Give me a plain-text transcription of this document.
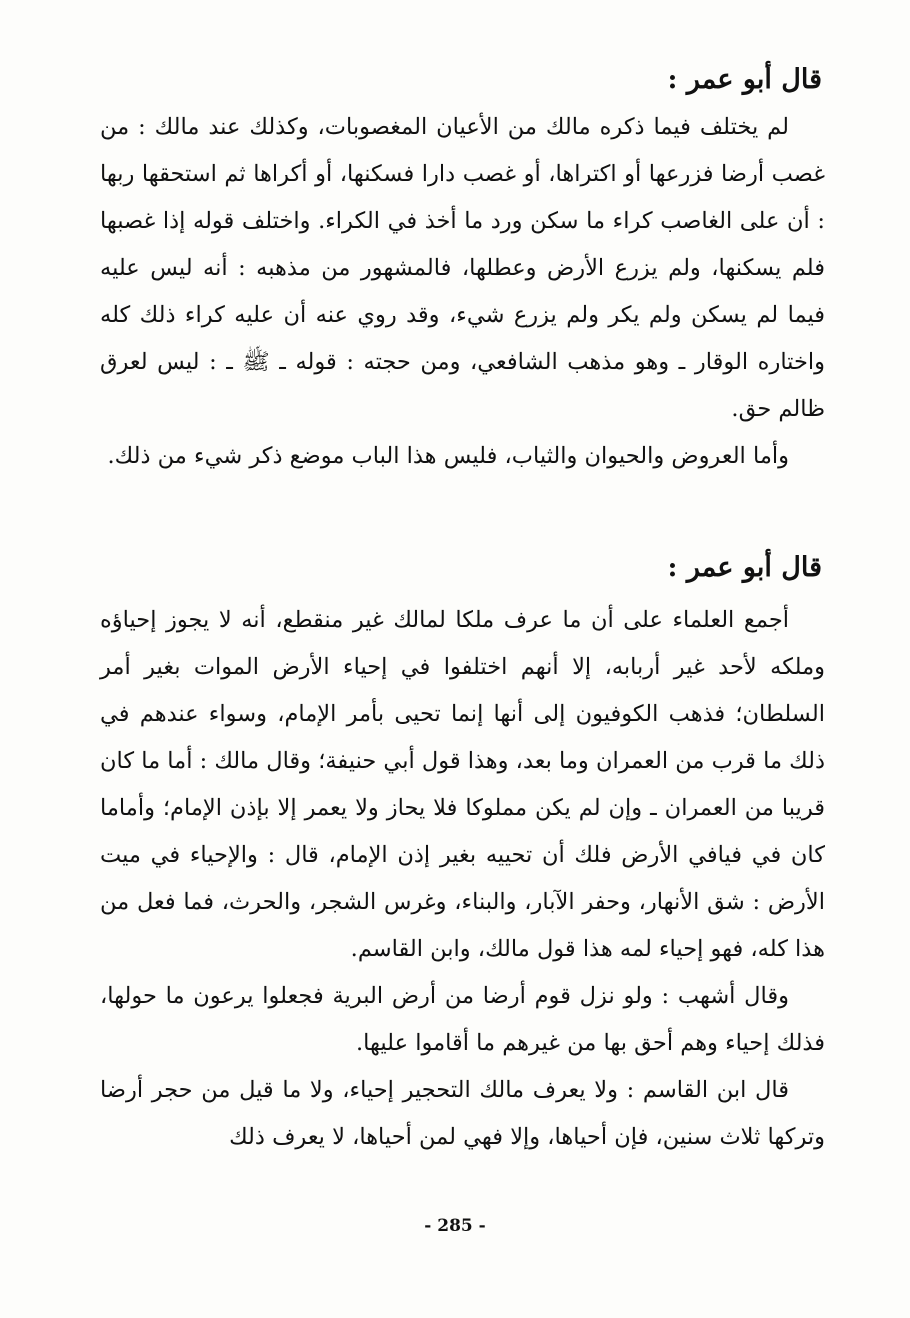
قال أبو عمر :

لم يختلف فيما ذكره مالك من الأعيان المغصوبات، وكذلك عند مالك : من غصب أرضا فزرعها أو اكتراها، أو غصب دارا فسكنها، أو أكراها ثم استحقها ربها : أن على الغاصب كراء ما سكن ورد ما أخذ في الكراء. واختلف قوله إذا غصبها فلم يسكنها، ولم يزرع الأرض وعطلها، فالمشهور من مذهبه : أنه ليس عليه فيما لم يسكن ولم يكر ولم يزرع شيء، وقد روي عنه أن عليه كراء ذلك كله واختاره الوقار ـ وهو مذهب الشافعي، ومن حجته : قوله ـ ﷺ ـ : ليس لعرق ظالم حق.

وأما العروض والحيوان والثياب، فليس هذا الباب موضع ذكر شيء من ذلك.

قال أبو عمر :

أجمع العلماء على أن ما عرف ملكا لمالك غير منقطع، أنه لا يجوز إحياؤه وملكه لأحد غير أربابه، إلا أنهم اختلفوا في إحياء الأرض الموات بغير أمر السلطان؛ فذهب الكوفيون إلى أنها إنما تحيى بأمر الإمام، وسواء عندهم في ذلك ما قرب من العمران وما بعد، وهذا قول أبي حنيفة؛ وقال مالك : أما ما كان قريبا من العمران ـ وإن لم يكن مملوكا فلا يحاز ولا يعمر إلا بإذن الإمام؛ وأماما كان في فيافي الأرض فلك أن تحييه بغير إذن الإمام، قال : والإحياء في ميت الأرض : شق الأنهار، وحفر الآبار، والبناء، وغرس الشجر، والحرث، فما فعل من هذا كله، فهو إحياء لمه هذا قول مالك، وابن القاسم.

وقال أشهب : ولو نزل قوم أرضا من أرض البرية فجعلوا يرعون ما حولها، فذلك إحياء وهم أحق بها من غيرهم ما أقاموا عليها.

قال ابن القاسم : ولا يعرف مالك التحجير إحياء، ولا ما قيل من حجر أرضا وتركها ثلاث سنين، فإن أحياها، وإلا فهي لمن أحياها، لا يعرف ذلك

- 285 -
